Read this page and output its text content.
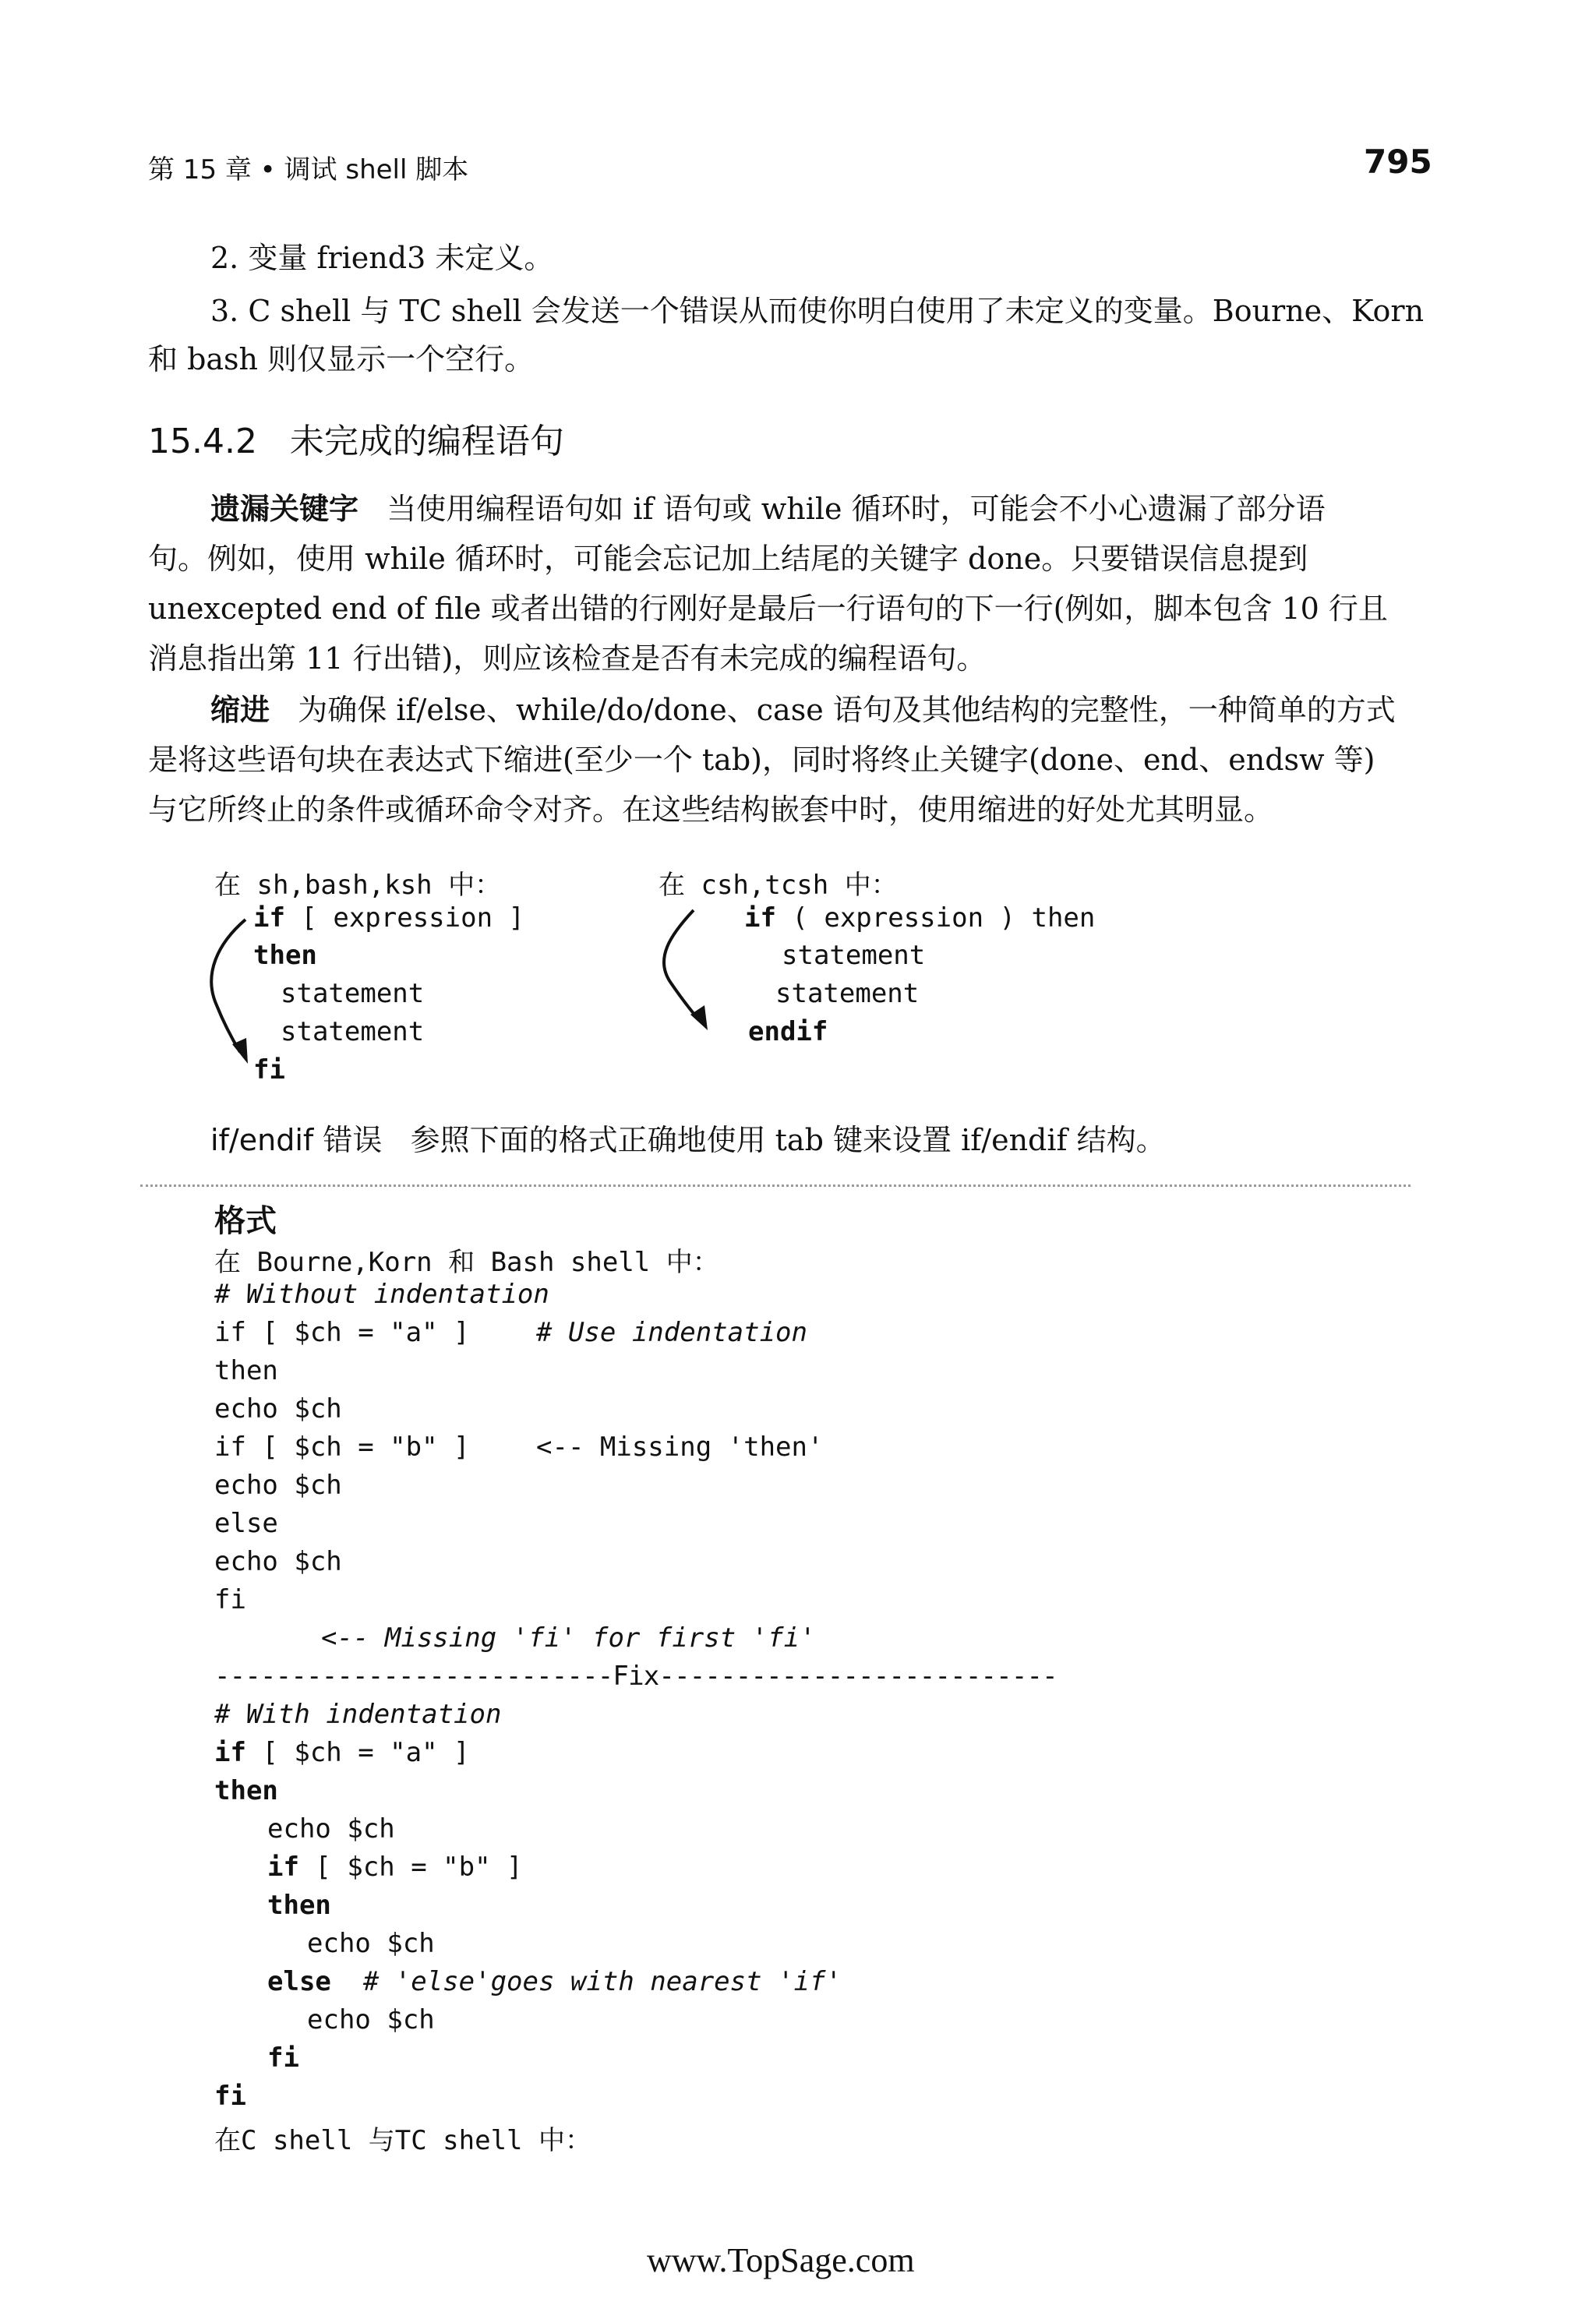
第 15 章 • 调试 shell 脚本	795
2. 变量 friend3 未定义。
3. C shell 与 TC shell 会发送一个错误从而使你明白使用了未定义的变量。Bourne、Korn
和 bash 则仅显示一个空行。
15.4.2   未完成的编程语句
遗漏关键字   当使用编程语句如 if 语句或 while 循环时，可能会不小心遗漏了部分语
句。例如，使用 while 循环时，可能会忘记加上结尾的关键字 done。只要错误信息提到
unexcepted end of file 或者出错的行刚好是最后一行语句的下一行(例如，脚本包含 10 行且
消息指出第 11 行出错)，则应该检查是否有未完成的编程语句。
缩进   为确保 if/else、while/do/done、case 语句及其他结构的完整性，一种简单的方式
是将这些语句块在表达式下缩进(至少一个 tab)，同时将终止关键字(done、end、endsw 等)
与它所终止的条件或循环命令对齐。在这些结构嵌套中时，使用缩进的好处尤其明显。
在 sh,bash,ksh 中：
if [ expression ]
then
statement
statement
fi
在 csh,tcsh 中：
if ( expression ) then
statement
statement
endif
if/endif 错误   参照下面的格式正确地使用 tab 键来设置 if/endif 结构。
格式
在 Bourne,Korn 和 Bash shell 中：
# Without indentation
if [ $ch = "a" ]	# Use indentation
then
echo $ch
if [ $ch = "b" ]	<-- Missing 'then'
echo $ch
else
echo $ch
fi
<-- Missing 'fi' for first 'fi'
--------------------------Fix--------------------------
# With indentation
if [ $ch = "a" ]
then
echo $ch
if [ $ch = "b" ]
then
echo $ch
else  # 'else'goes with nearest 'if'
echo $ch
fi
fi
在C shell 与TC shell 中：
www.TopSage.com
